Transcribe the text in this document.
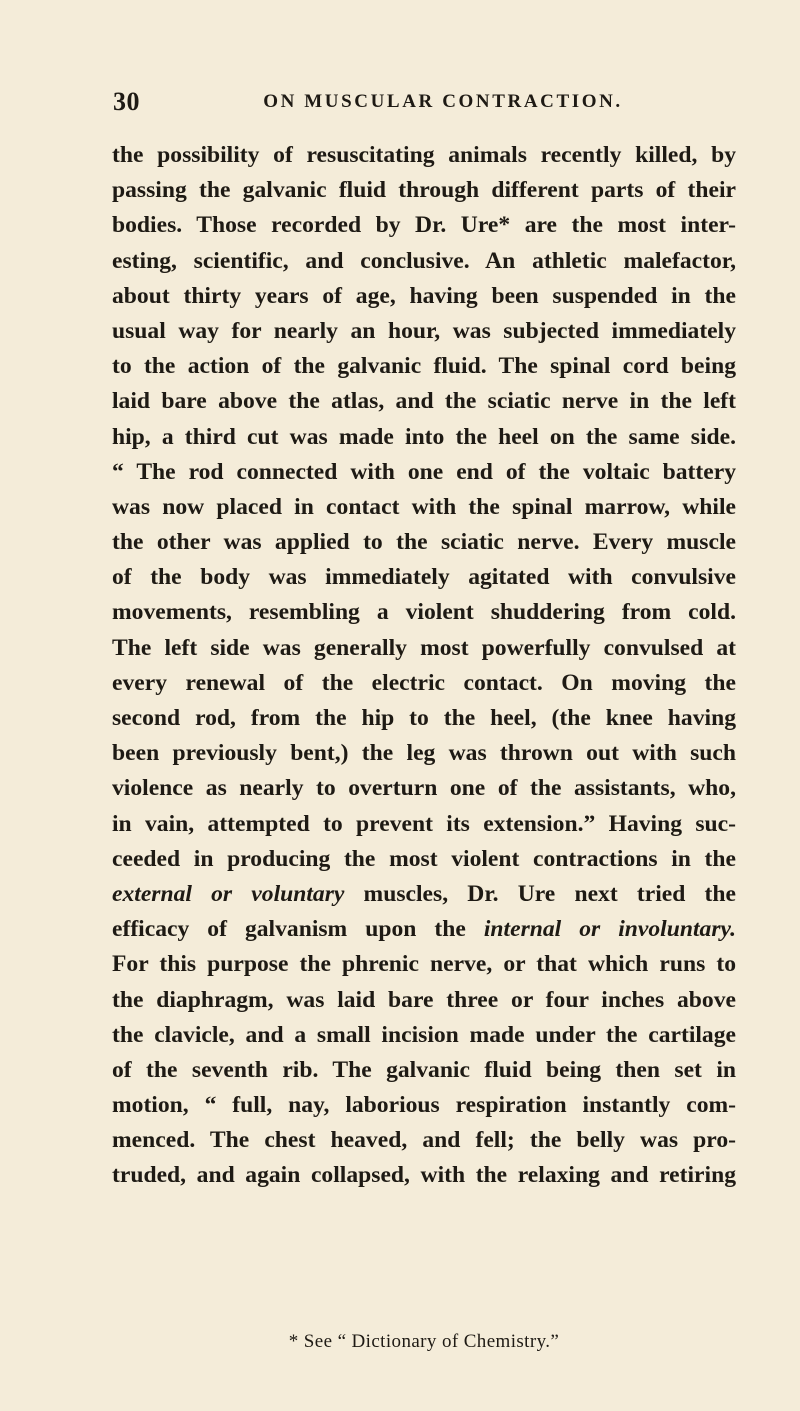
30	ON MUSCULAR CONTRACTION.
the possibility of resuscitating animals recently killed, by
passing the galvanic fluid through different parts of their
bodies. Those recorded by Dr. Ure* are the most inter-
esting, scientific, and conclusive. An athletic malefactor,
about thirty years of age, having been suspended in the
usual way for nearly an hour, was subjected immediately
to the action of the galvanic fluid. The spinal cord being
laid bare above the atlas, and the sciatic nerve in the left
hip, a third cut was made into the heel on the same side.
“ The rod connected with one end of the voltaic battery
was now placed in contact with the spinal marrow, while
the other was applied to the sciatic nerve. Every muscle
of the body was immediately agitated with convulsive
movements, resembling a violent shuddering from cold.
The left side was generally most powerfully convulsed at
every renewal of the electric contact. On moving the
second rod, from the hip to the heel, (the knee having
been previously bent,) the leg was thrown out with such
violence as nearly to overturn one of the assistants, who,
in vain, attempted to prevent its extension.” Having suc-
ceeded in producing the most violent contractions in the
external or voluntary muscles, Dr. Ure next tried the
efficacy of galvanism upon the internal or involuntary.
For this purpose the phrenic nerve, or that which runs to
the diaphragm, was laid bare three or four inches above
the clavicle, and a small incision made under the cartilage
of the seventh rib. The galvanic fluid being then set in
motion, “ full, nay, laborious respiration instantly com-
menced. The chest heaved, and fell; the belly was pro-
truded, and again collapsed, with the relaxing and retiring
* See “ Dictionary of Chemistry.”
